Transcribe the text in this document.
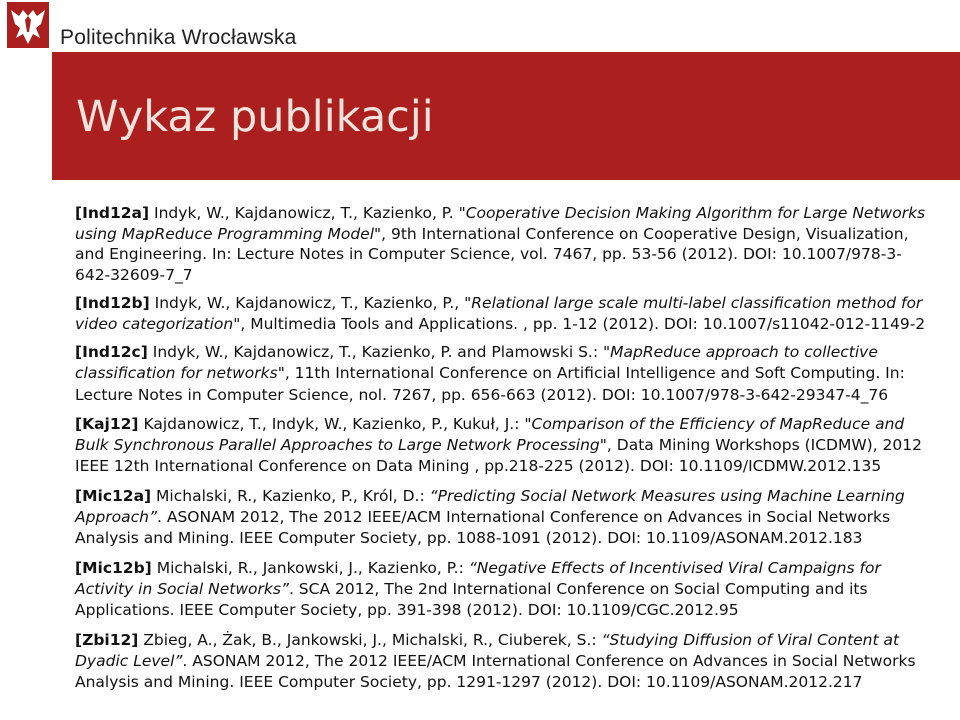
Politechnika Wrocławska
Wykaz publikacji

[Ind12a] Indyk, W., Kajdanowicz, T., Kazienko, P. "Cooperative Decision Making Algorithm for Large Networks using MapReduce Programming Model", 9th International Conference on Cooperative Design, Visualization, and Engineering. In: Lecture Notes in Computer Science, vol. 7467, pp. 53-56 (2012). DOI: 10.1007/978-3-642-32609-7_7

[Ind12b] Indyk, W., Kajdanowicz, T., Kazienko, P., "Relational large scale multi-label classification method for video categorization", Multimedia Tools and Applications. , pp. 1-12 (2012). DOI: 10.1007/s11042-012-1149-2

[Ind12c] Indyk, W., Kajdanowicz, T., Kazienko, P. and Plamowski S.: "MapReduce approach to collective classification for networks", 11th International Conference on Artificial Intelligence and Soft Computing. In: Lecture Notes in Computer Science, nol. 7267, pp. 656-663 (2012). DOI: 10.1007/978-3-642-29347-4_76

[Kaj12] Kajdanowicz, T., Indyk, W., Kazienko, P., Kukuł, J.: "Comparison of the Efficiency of MapReduce and Bulk Synchronous Parallel Approaches to Large Network Processing", Data Mining Workshops (ICDMW), 2012 IEEE 12th International Conference on Data Mining , pp.218-225 (2012). DOI: 10.1109/ICDMW.2012.135

[Mic12a] Michalski, R., Kazienko, P., Król, D.: “Predicting Social Network Measures using Machine Learning Approach”. ASONAM 2012, The 2012 IEEE/ACM International Conference on Advances in Social Networks Analysis and Mining. IEEE Computer Society, pp. 1088-1091 (2012). DOI: 10.1109/ASONAM.2012.183

[Mic12b] Michalski, R., Jankowski, J., Kazienko, P.: “Negative Effects of Incentivised Viral Campaigns for Activity in Social Networks”. SCA 2012, The 2nd International Conference on Social Computing and its Applications. IEEE Computer Society, pp. 391-398 (2012). DOI: 10.1109/CGC.2012.95

[Zbi12] Zbieg, A., Żak, B., Jankowski, J., Michalski, R., Ciuberek, S.: “Studying Diffusion of Viral Content at Dyadic Level”. ASONAM 2012, The 2012 IEEE/ACM International Conference on Advances in Social Networks Analysis and Mining. IEEE Computer Society, pp. 1291-1297 (2012). DOI: 10.1109/ASONAM.2012.217
